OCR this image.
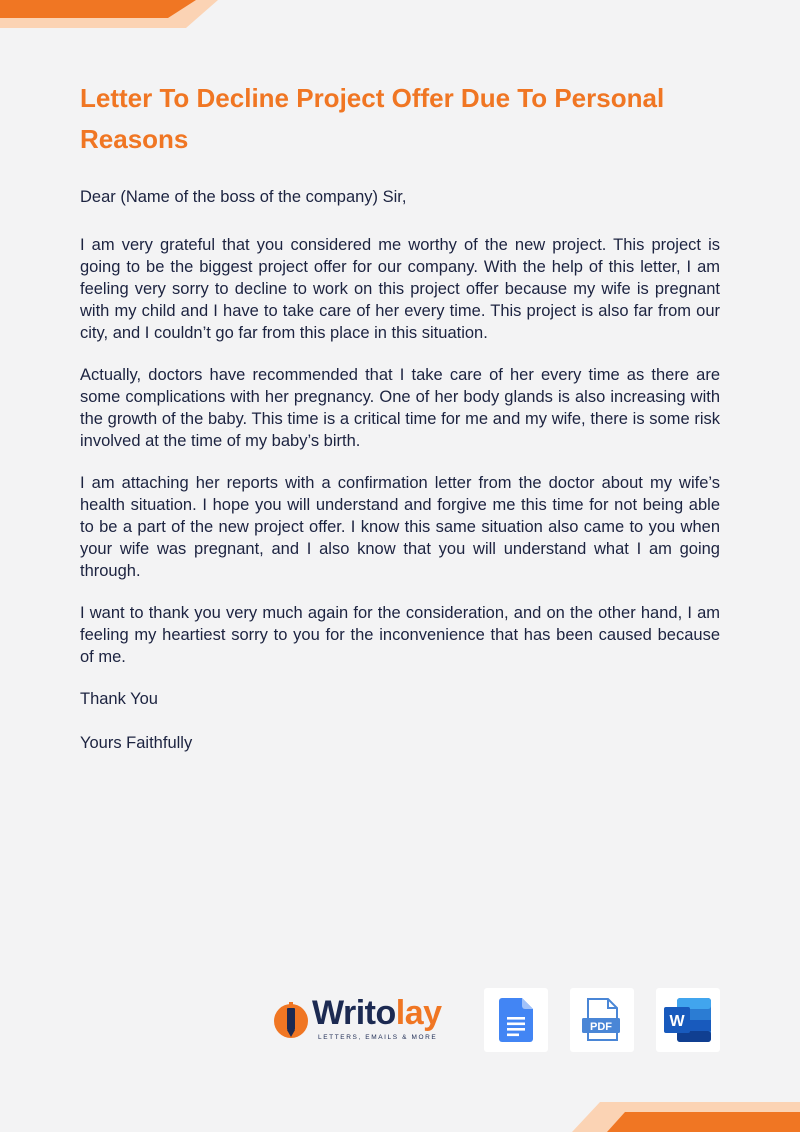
Letter To Decline Project Offer Due To Personal Reasons

Dear (Name of the boss of the company) Sir,

I am very grateful that you considered me worthy of the new project. This project is going to be the biggest project offer for our company. With the help of this letter, I am feeling very sorry to decline to work on this project offer because my wife is pregnant with my child and I have to take care of her every time. This project is also far from our city, and I couldn’t go far from this place in this situation.

Actually, doctors have recommended that I take care of her every time as there are some complications with her pregnancy. One of her body glands is also increasing with the growth of the baby. This time is a critical time for me and my wife, there is some risk involved at the time of my baby’s birth.

I am attaching her reports with a confirmation letter from the doctor about my wife’s health situation. I hope you will understand and forgive me this time for not being able to be a part of the new project offer. I know this same situation also came to you when your wife was pregnant, and I also know that you will understand what I am going through.

I want to thank you very much again for the consideration, and on the other hand, I am feeling my heartiest sorry to you for the inconvenience that has been caused because of me.

Thank You

Yours Faithfully

Writolay
LETTERS, EMAILS & MORE
PDF	W
